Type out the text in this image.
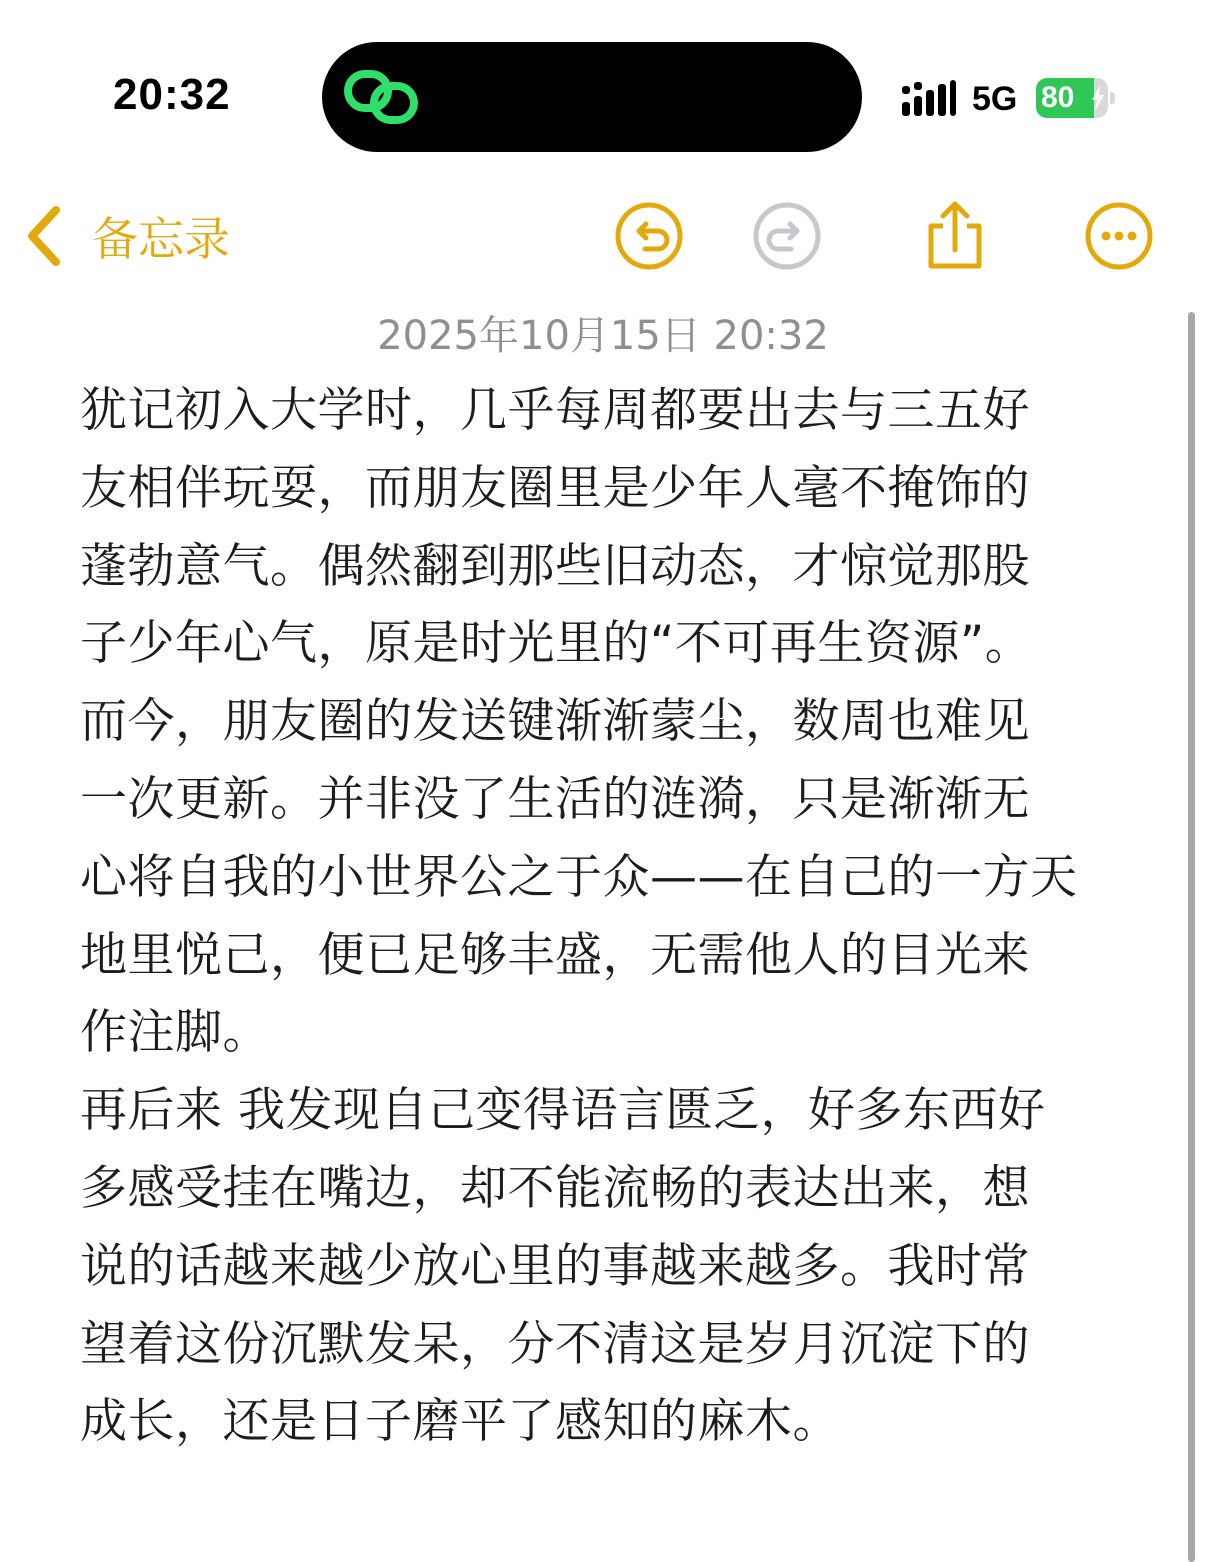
20:32	5G 80
备忘录
2025年10月15日 20:32
犹记初入大学时，几乎每周都要出去与三五好
友相伴玩耍，而朋友圈里是少年人毫不掩饰的
蓬勃意气。偶然翻到那些旧动态，才惊觉那股
子少年心气，原是时光里的“不可再生资源”。
而今，朋友圈的发送键渐渐蒙尘，数周也难见
一次更新。并非没了生活的涟漪，只是渐渐无
心将自我的小世界公之于众——在自己的一方天
地里悦己，便已足够丰盛，无需他人的目光来
作注脚。
再后来 我发现自己变得语言匮乏，好多东西好
多感受挂在嘴边，却不能流畅的表达出来，想
说的话越来越少放心里的事越来越多。我时常
望着这份沉默发呆，分不清这是岁月沉淀下的
成长，还是日子磨平了感知的麻木。
